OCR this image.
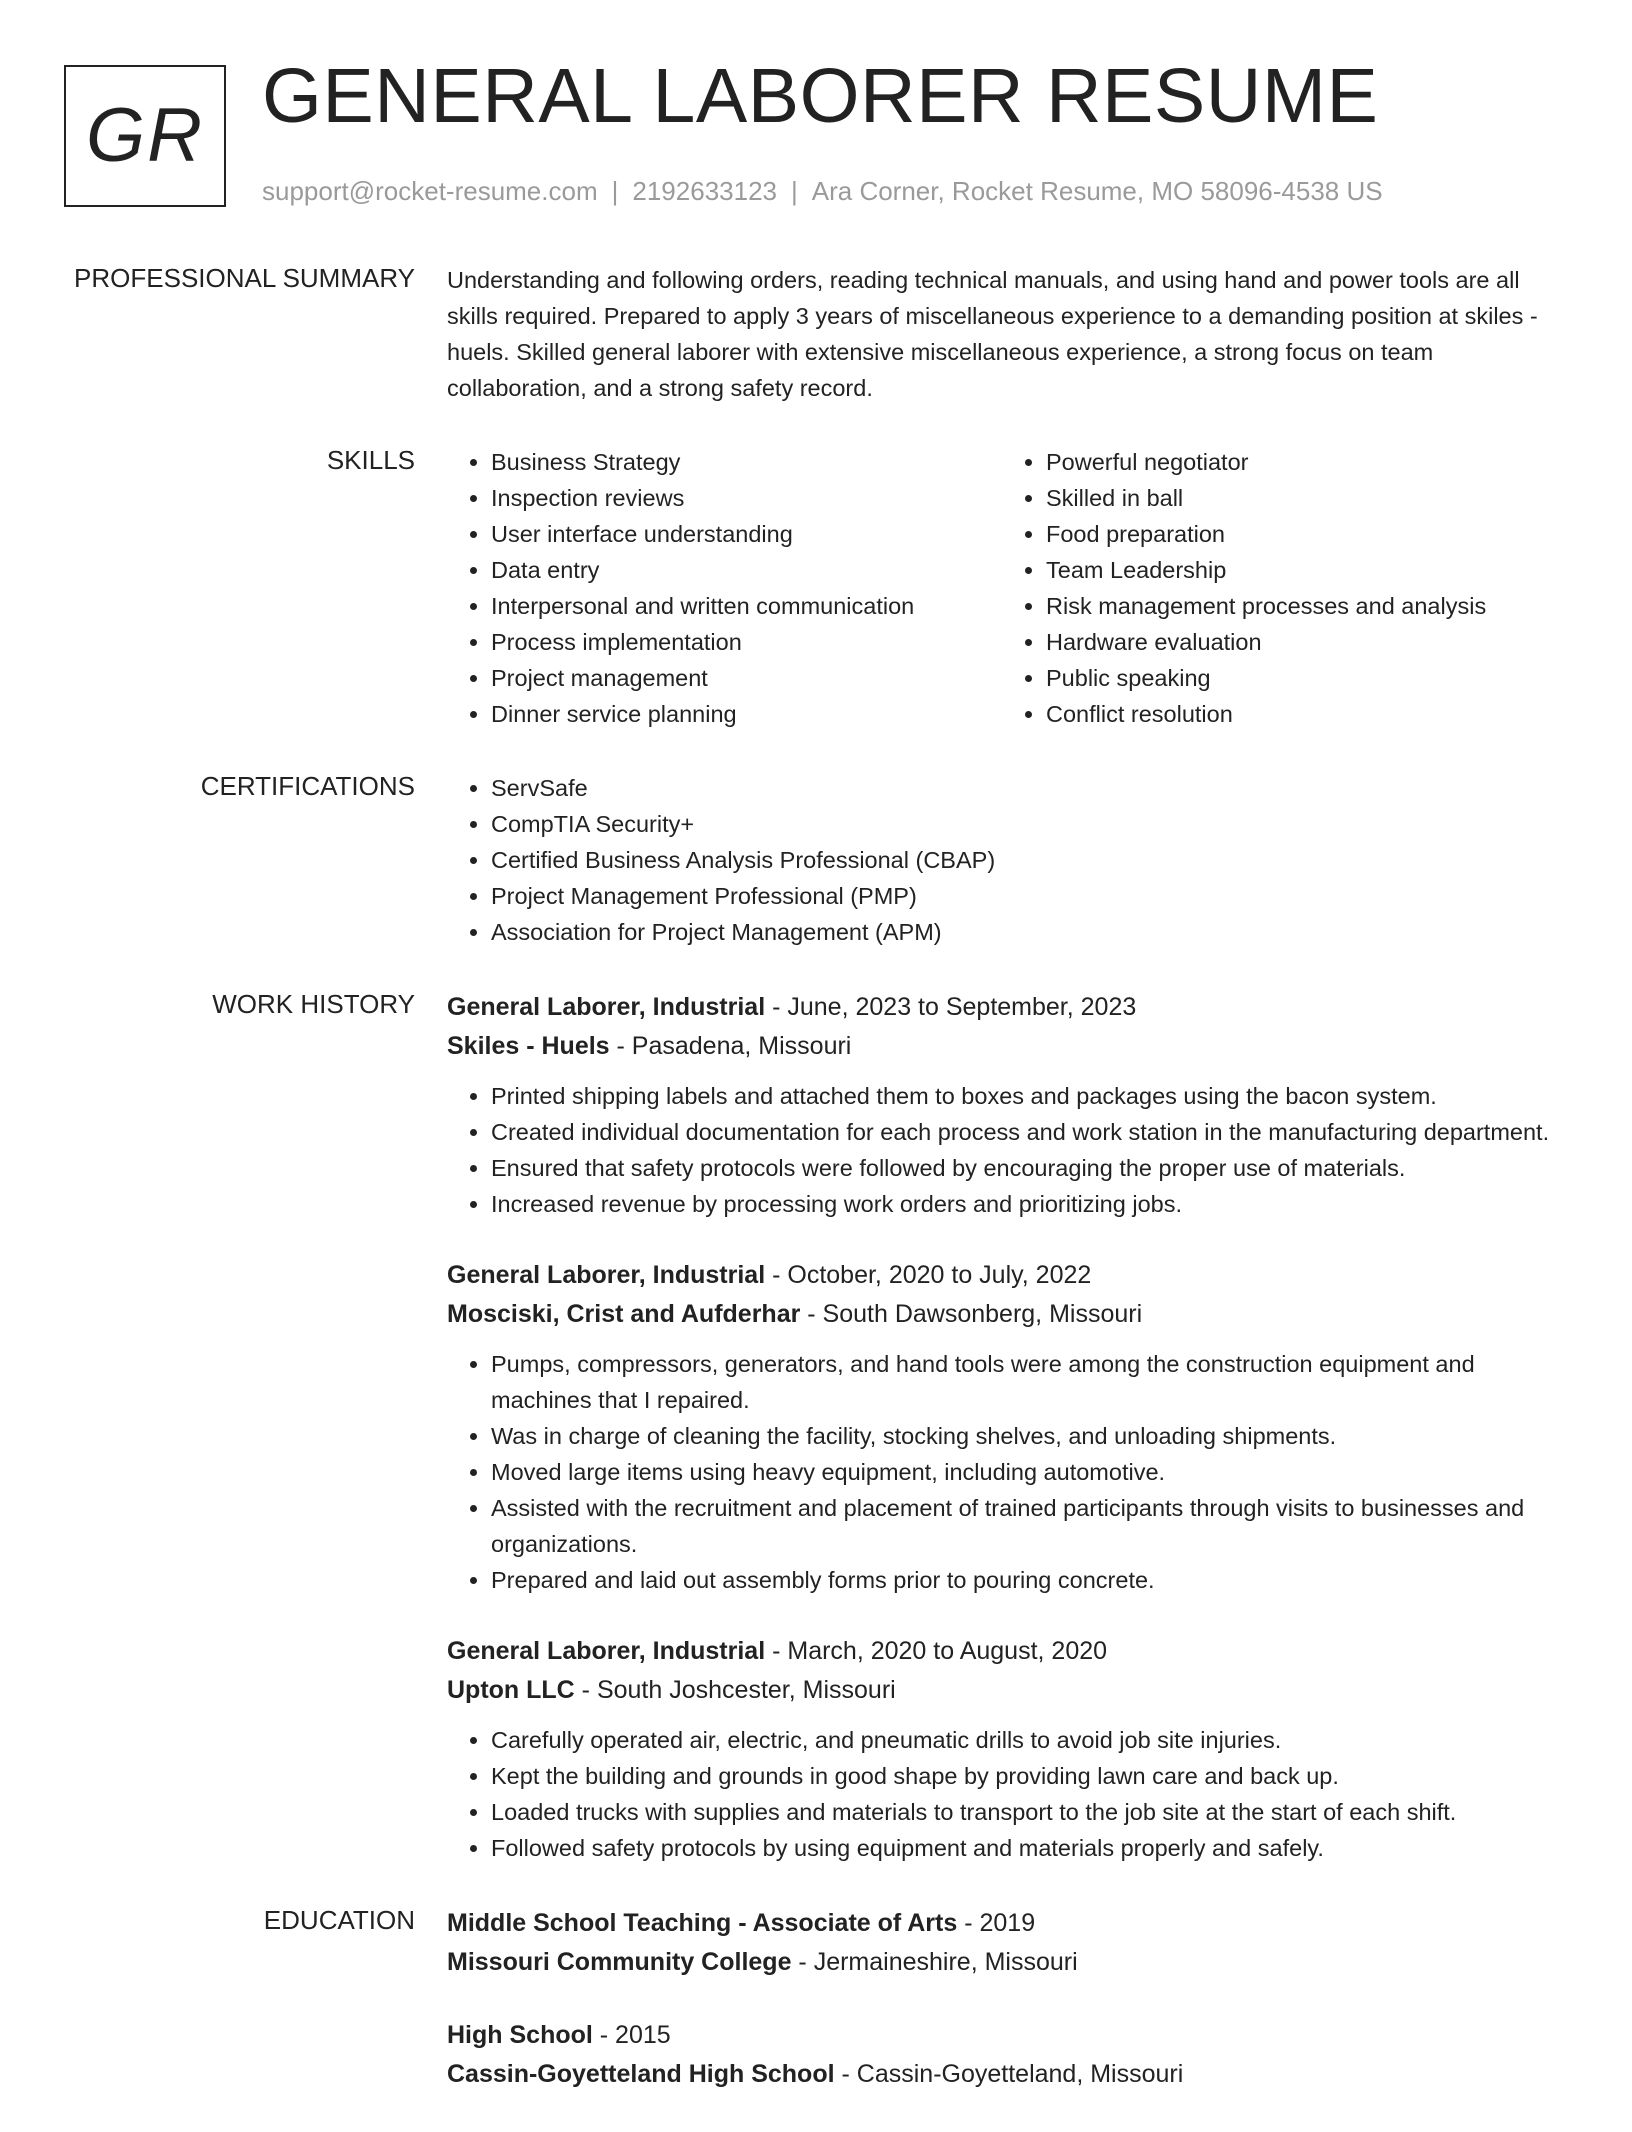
GR GENERAL LABORER RESUME
support@rocket-resume.com | 2192633123 | Ara Corner, Rocket Resume, MO 58096-4538 US
PROFESSIONAL SUMMARY Understanding and following orders, reading technical manuals, and using hand and power tools are all skills required. Prepared to apply 3 years of miscellaneous experience to a demanding position at skiles - huels. Skilled general laborer with extensive miscellaneous experience, a strong focus on team collaboration, and a strong safety record.

SKILLS	• Business Strategy
• Inspection reviews
• User interface understanding
• Data entry
• Interpersonal and written communication
• Process implementation
• Project management
• Dinner service planning
• Powerful negotiator
• Skilled in ball
• Food preparation
• Team Leadership
• Risk management processes and analysis
• Hardware evaluation
• Public speaking
• Conflict resolution
CERTIFICATIONS	• ServSafe
• CompTIA Security+
• Certified Business Analysis Professional (CBAP)
• Project Management Professional (PMP)
• Association for Project Management (APM)
WORK HISTORY General Laborer, Industrial - June, 2023 to September, 2023
Skiles - Huels - Pasadena, Missouri
• Printed shipping labels and attached them to boxes and packages using the bacon system.
• Created individual documentation for each process and work station in the manufacturing department.
• Ensured that safety protocols were followed by encouraging the proper use of materials.
• Increased revenue by processing work orders and prioritizing jobs.
General Laborer, Industrial - October, 2020 to July, 2022
Mosciski, Crist and Aufderhar - South Dawsonberg, Missouri
• Pumps, compressors, generators, and hand tools were among the construction equipment and machines that I repaired.
• Was in charge of cleaning the facility, stocking shelves, and unloading shipments.
• Moved large items using heavy equipment, including automotive.
• Assisted with the recruitment and placement of trained participants through visits to businesses and organizations.
• Prepared and laid out assembly forms prior to pouring concrete.
General Laborer, Industrial - March, 2020 to August, 2020
Upton LLC - South Joshcester, Missouri
• Carefully operated air, electric, and pneumatic drills to avoid job site injuries.
• Kept the building and grounds in good shape by providing lawn care and back up.
• Loaded trucks with supplies and materials to transport to the job site at the start of each shift.
• Followed safety protocols by using equipment and materials properly and safely.
EDUCATION Middle School Teaching - Associate of Arts - 2019
Missouri Community College - Jermaineshire, Missouri
High School - 2015
Cassin-Goyetteland High School - Cassin-Goyetteland, Missouri
